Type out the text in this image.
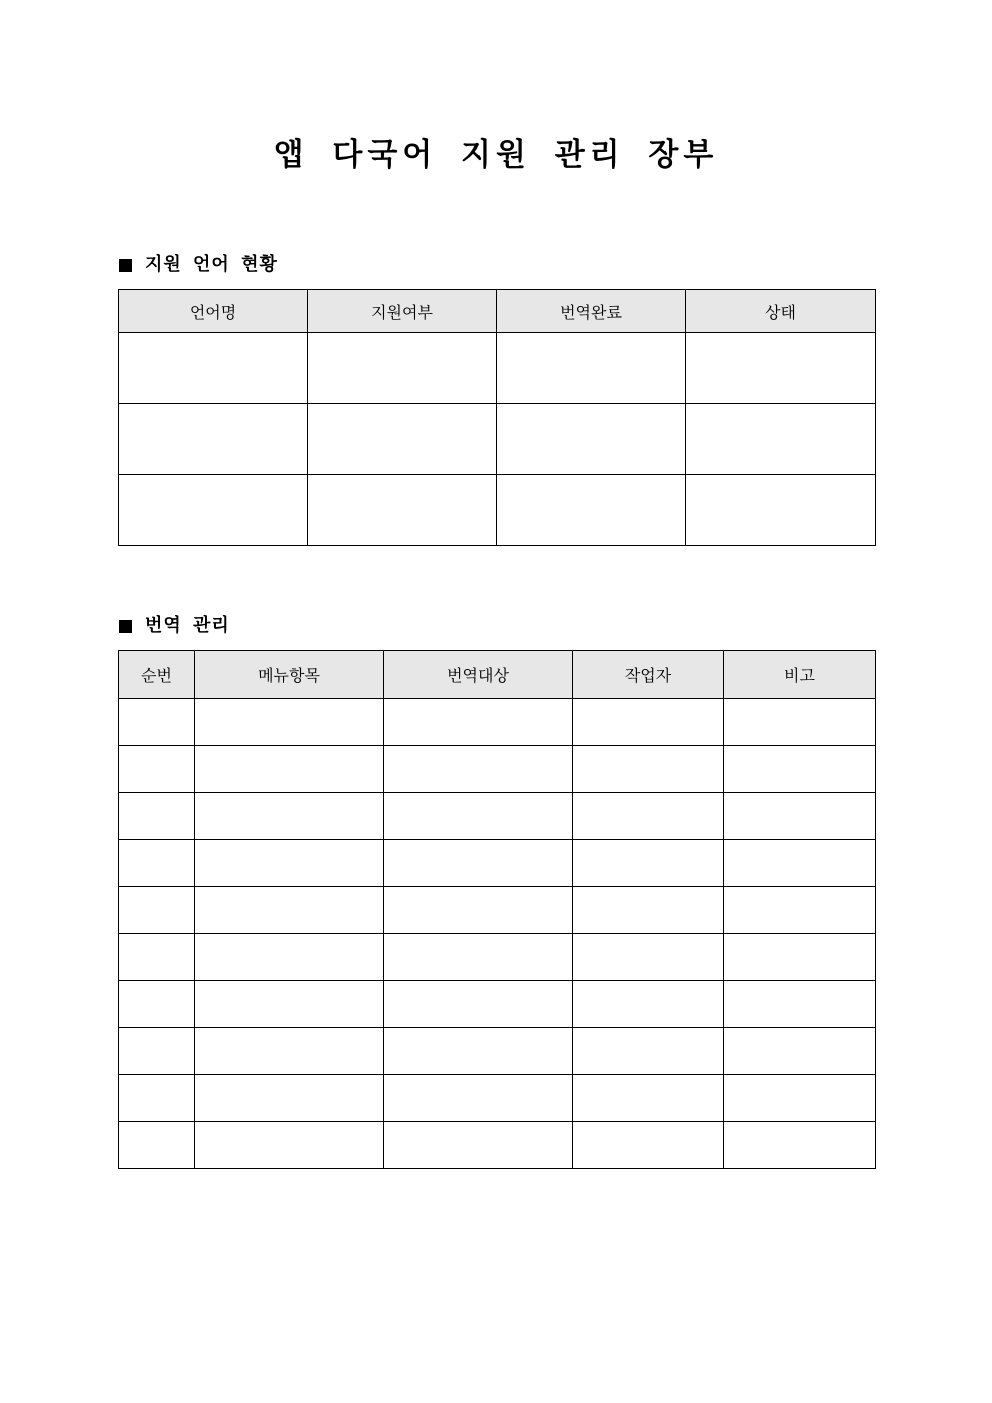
앱 다국어 지원 관리 장부
지원 언어 현황
언어명	지원여부	번역완료	상태

번역 관리
순번	메뉴항목	번역대상	작업자	비고
